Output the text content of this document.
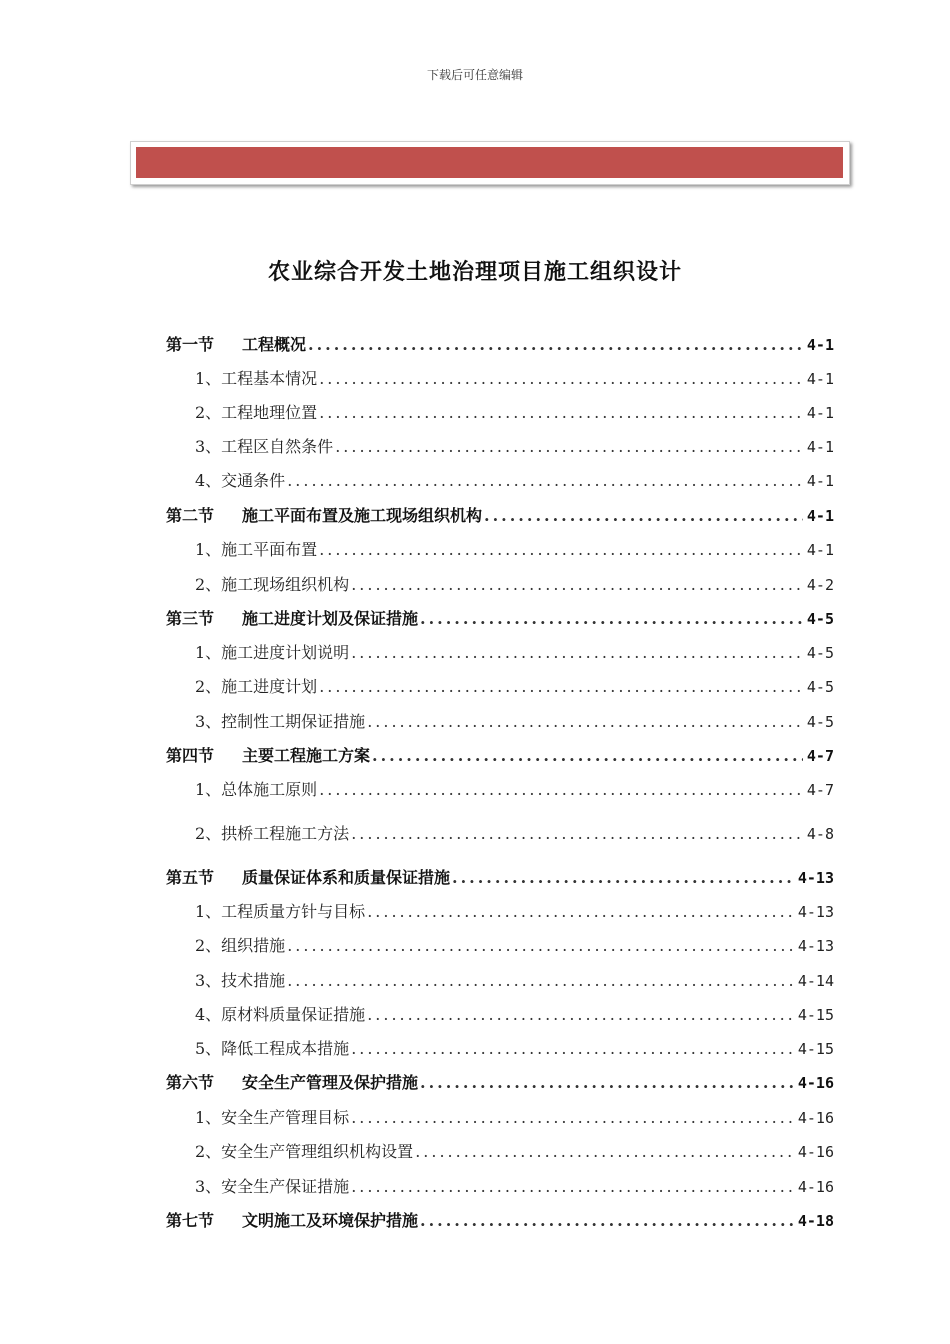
下载后可任意编辑
农业综合开发土地治理项目施工组织设计
第一节 工程概况 .....	4-1
1、工程基本情况 .....	4-1
2、工程地理位置 .....	4-1
3、工程区自然条件 .....	4-1
4、交通条件 .....	4-1
第二节 施工平面布置及施工现场组织机构 .....	4-1
1、施工平面布置 .....	4-1
2、施工现场组织机构 .....	4-2
第三节 施工进度计划及保证措施 .....	4-5
1、施工进度计划说明 .....	4-5
2、施工进度计划 .....	4-5
3、控制性工期保证措施 .....	4-5
第四节 主要工程施工方案 .....	4-7
1、总体施工原则 .....	4-7
2、拱桥工程施工方法 .....	4-8
第五节 质量保证体系和质量保证措施 .....	4-13
1、工程质量方针与目标 .....	4-13
2、组织措施 .....	4-13
3、技术措施 .....	4-14
4、原材料质量保证措施 .....	4-15
5、降低工程成本措施 .....	4-15
第六节 安全生产管理及保护措施 .....	4-16
1、安全生产管理目标 .....	4-16
2、安全生产管理组织机构设置 .....	4-16
3、安全生产保证措施 .....	4-16
第七节 文明施工及环境保护措施 .....	4-18
